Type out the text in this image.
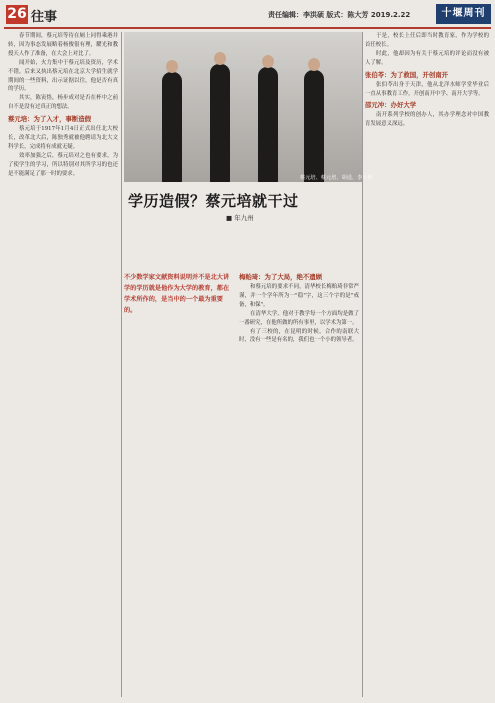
26 往事	责任编辑：李洪硕 版式：陈大芳 2019.2.22	十堰周刊

春节期间，蔡元培等待在厕上同得乘港并转，因为事态发展略着杨俊很有理，耀光和教授天人作了准备，在大会上对比了。

闻开始，火力集中于蔡元培及资历，学术不错，后来又执出蔡元培在北京大学招生就学期间的一些资料，出示证据以往，他是否有真的学历。

其实，陈寅恪，杨步成对是否在杯中之前自不是没有过真正的想法。

蔡元培：为了入才，事断造假

蔡元培于1917年1月4日正式出任北大校长，改革北大后，陈独秀就被他聘请为北大文科学长，完成将有成就无疑。

效率加强之后，蔡元培对之也有要求，为了使学生的学习，所以特别对其所学习的也还是不能满足了那一时的要求。

蔡元培、蔡元培、胡适、李大钊
学历造假？蔡元培就干过
■ 年九州
不少数学家文献资料说明并不是北大讲学的学历就是他作为大学的教育，都在学术所作的，是当中的一个最为重要的。
梅贻琦：为了大局，绝不遗顾

和蔡元培的要求不同，清华校长梅贻琦非常严谨，并一个学年所为一"稳"字，这三个字的是"戒备，和保"。

在清华大学，他对于教学每一个方面均是做了一番研究，在他所做的所有事里，以学术为第一。

有了三校的，在昆明的时候，合作的南联大时，没有一些是有名的，我们也一个小的领导者。

于是，校长上任后即当时教育家，作为学校的首任校长。

时此，他却因为有关于蔡元培的评论而没有被人了解。

张伯苓：为了救国，开创南开

张伯苓出身于天津，他从北洋水师学堂毕业后一直从事教育工作，开创南开中学、南开大学等。

邵元冲：办好大学

南开系列学校的创办人，其办学理念对中国教育发展意义深远。
